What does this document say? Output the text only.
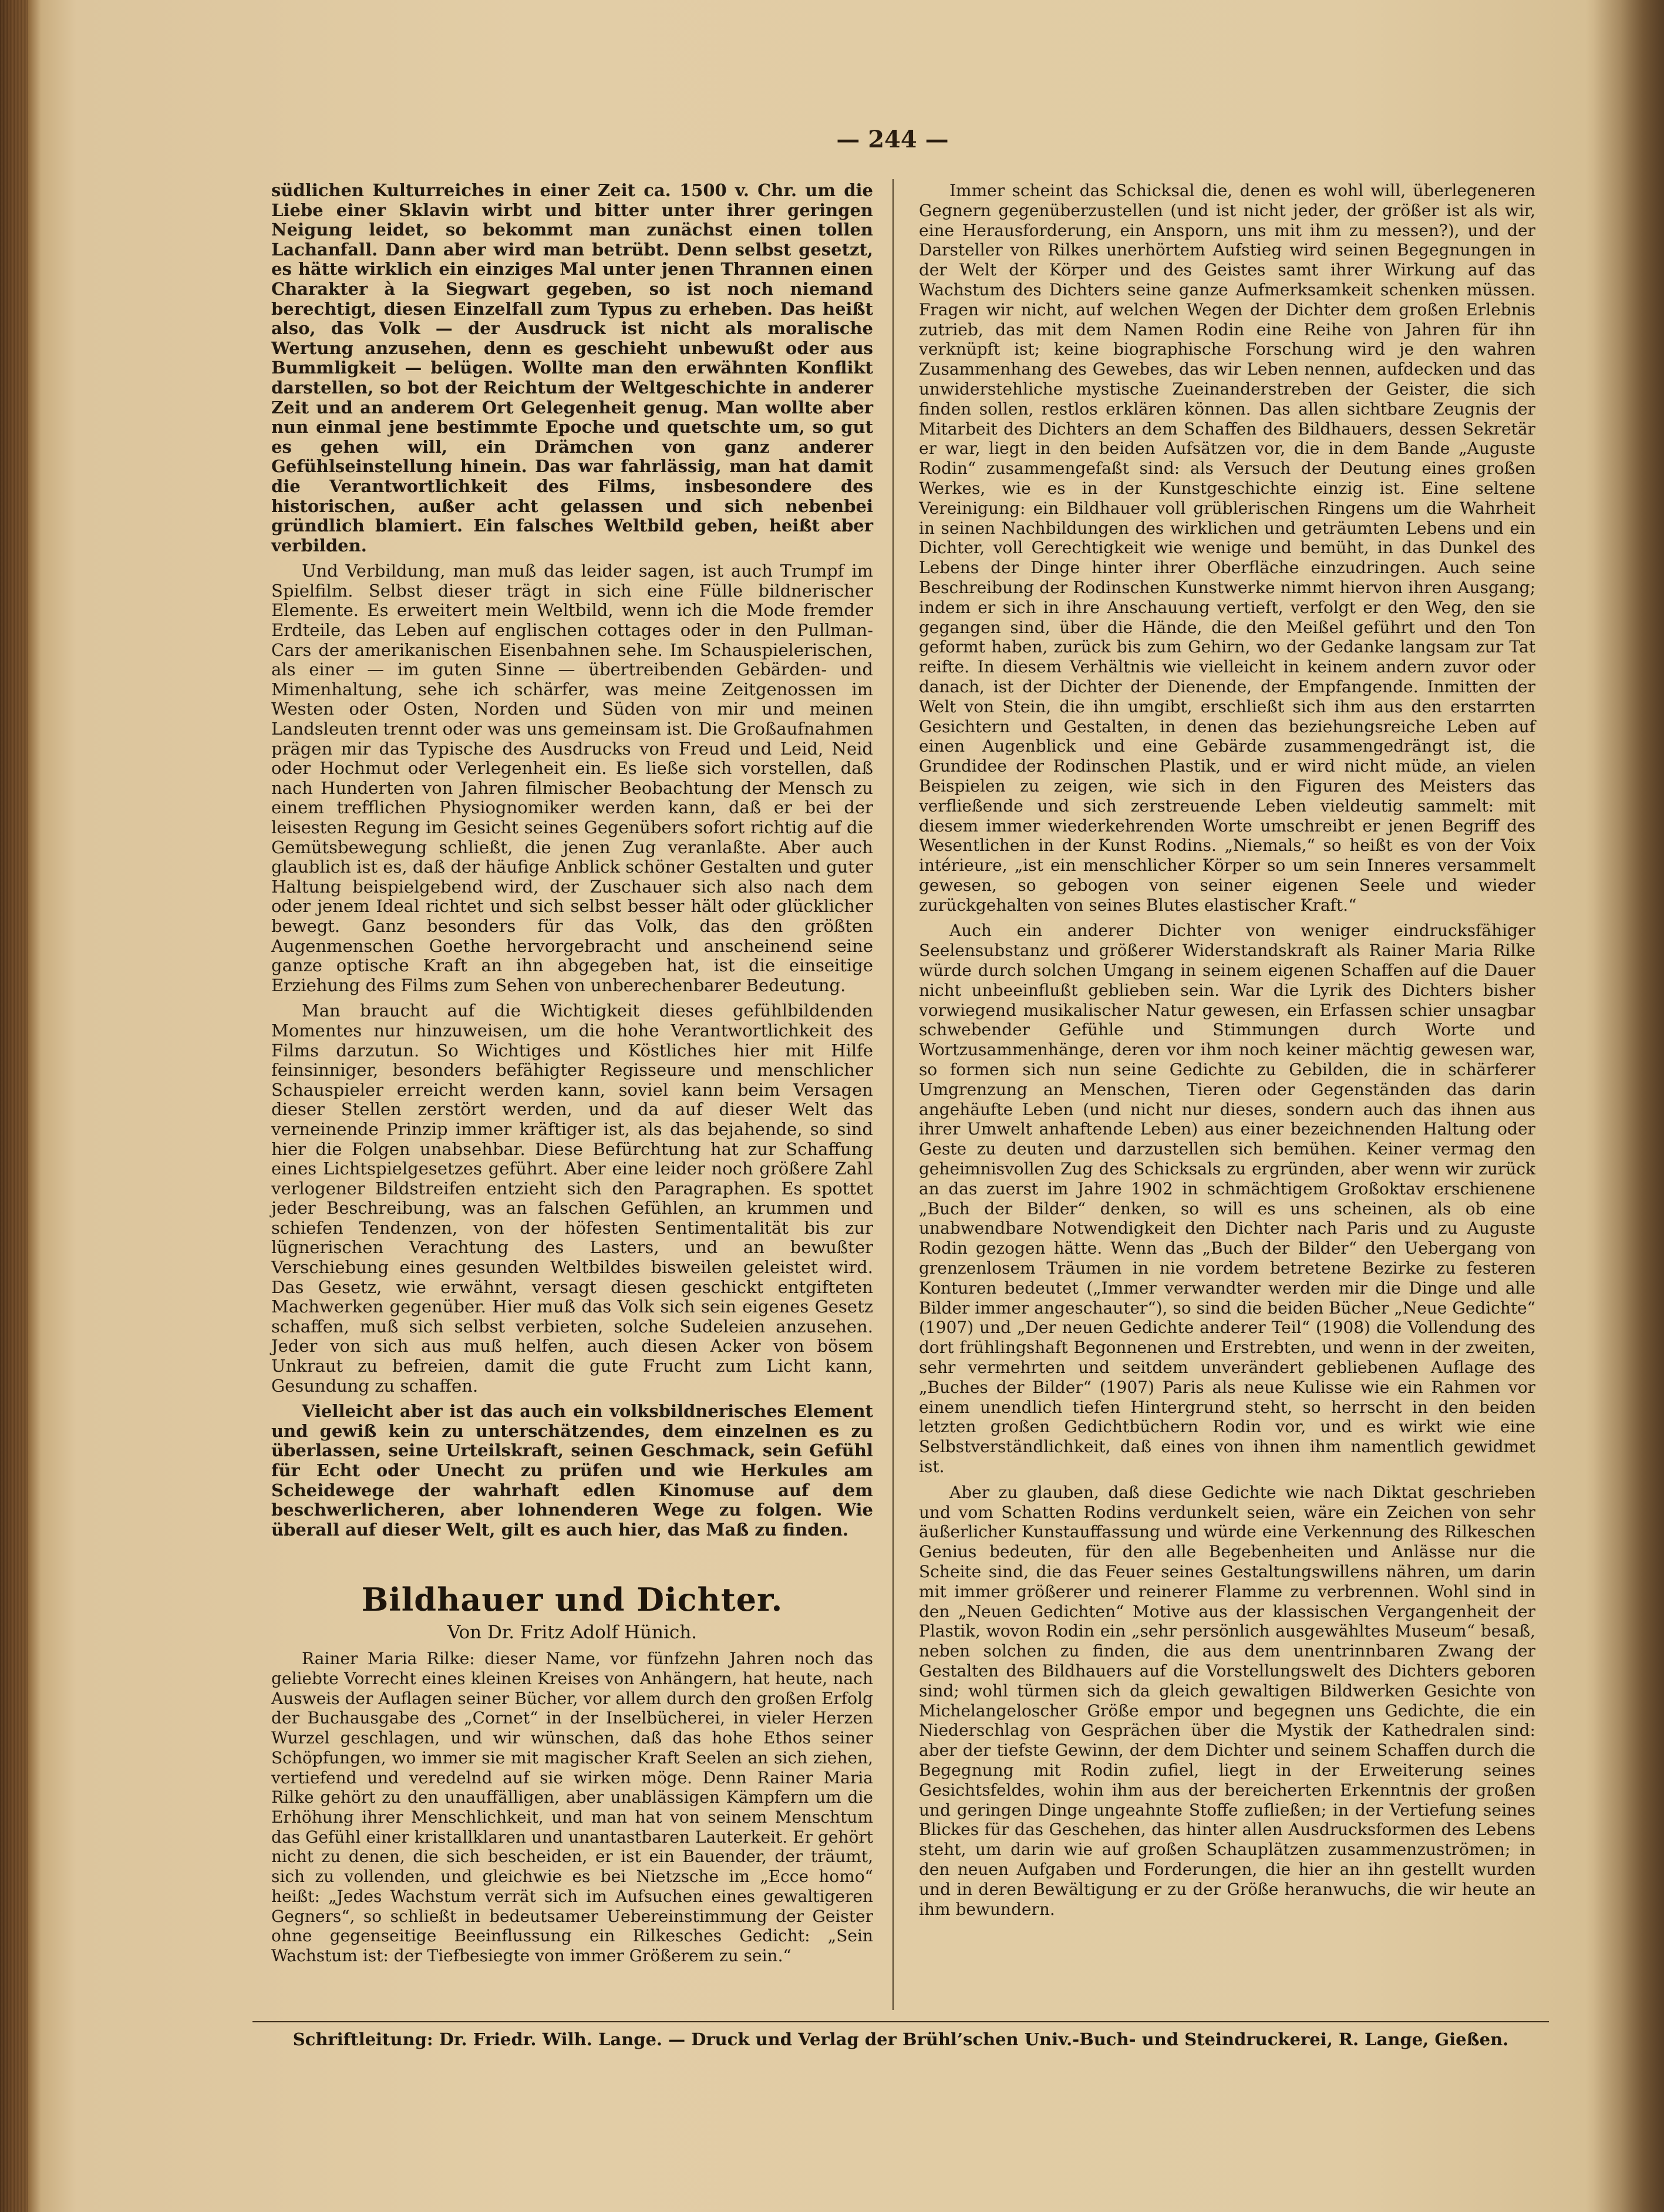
— 244 —

südlichen Kulturreiches in einer Zeit ca. 1500 v. Chr. um die Liebe einer Sklavin wirbt und bitter unter ihrer geringen Neigung leidet, so bekommt man zunächst einen tollen Lachanfall. Dann aber wird man betrübt. Denn selbst gesetzt, es hätte wirklich ein einziges Mal unter jenen Thrannen einen Charakter à la Siegwart gegeben, so ist noch niemand berechtigt, diesen Einzelfall zum Typus zu erheben. Das heißt also, das Volk — der Ausdruck ist nicht als moralische Wertung anzusehen, denn es geschieht unbewußt oder aus Bummligkeit — belügen. Wollte man den erwähnten Konflikt darstellen, so bot der Reichtum der Weltgeschichte in anderer Zeit und an anderem Ort Gelegenheit genug. Man wollte aber nun einmal jene bestimmte Epoche und quetschte um, so gut es gehen will, ein Drämchen von ganz anderer Gefühlseinstellung hinein. Das war fahrlässig, man hat damit die Verantwortlichkeit des Films, insbesondere des historischen, außer acht gelassen und sich nebenbei gründlich blamiert. Ein falsches Weltbild geben, heißt aber verbilden.

Und Verbildung, man muß das leider sagen, ist auch Trumpf im Spielfilm. Selbst dieser trägt in sich eine Fülle bildnerischer Elemente. Es erweitert mein Weltbild, wenn ich die Mode fremder Erdteile, das Leben auf englischen cottages oder in den Pullman-Cars der amerikanischen Eisenbahnen sehe. Im Schauspielerischen, als einer — im guten Sinne — übertreibenden Gebärden- und Mimenhaltung, sehe ich schärfer, was meine Zeitgenossen im Westen oder Osten, Norden und Süden von mir und meinen Landsleuten trennt oder was uns gemeinsam ist. Die Großaufnahmen prägen mir das Typische des Ausdrucks von Freud und Leid, Neid oder Hochmut oder Verlegenheit ein. Es ließe sich vorstellen, daß nach Hunderten von Jahren filmischer Beobachtung der Mensch zu einem trefflichen Physiognomiker werden kann, daß er bei der leisesten Regung im Gesicht seines Gegenübers sofort richtig auf die Gemütsbewegung schließt, die jenen Zug veranlaßte. Aber auch glaublich ist es, daß der häufige Anblick schöner Gestalten und guter Haltung beispielgebend wird, der Zuschauer sich also nach dem oder jenem Ideal richtet und sich selbst besser hält oder glücklicher bewegt. Ganz besonders für das Volk, das den größten Augenmenschen Goethe hervorgebracht und anscheinend seine ganze optische Kraft an ihn abgegeben hat, ist die einseitige Erziehung des Films zum Sehen von unberechenbarer Bedeutung.

Man braucht auf die Wichtigkeit dieses gefühlbildenden Momentes nur hinzuweisen, um die hohe Verantwortlichkeit des Films darzutun. So Wichtiges und Köstliches hier mit Hilfe feinsinniger, besonders befähigter Regisseure und menschlicher Schauspieler erreicht werden kann, soviel kann beim Versagen dieser Stellen zerstört werden, und da auf dieser Welt das verneinende Prinzip immer kräftiger ist, als das bejahende, so sind hier die Folgen unabsehbar. Diese Befürchtung hat zur Schaffung eines Lichtspielgesetzes geführt. Aber eine leider noch größere Zahl verlogener Bildstreifen entzieht sich den Paragraphen. Es spottet jeder Beschreibung, was an falschen Gefühlen, an krummen und schiefen Tendenzen, von der höfesten Sentimentalität bis zur lügnerischen Verachtung des Lasters, und an bewußter Verschiebung eines gesunden Weltbildes bisweilen geleistet wird. Das Gesetz, wie erwähnt, versagt diesen geschickt entgifteten Machwerken gegenüber. Hier muß das Volk sich sein eigenes Gesetz schaffen, muß sich selbst verbieten, solche Sudeleien anzusehen. Jeder von sich aus muß helfen, auch diesen Acker von bösem Unkraut zu befreien, damit die gute Frucht zum Licht kann, Gesundung zu schaffen.

Vielleicht aber ist das auch ein volksbildnerisches Element und gewiß kein zu unterschätzendes, dem einzelnen es zu überlassen, seine Urteilskraft, seinen Geschmack, sein Gefühl für Echt oder Unecht zu prüfen und wie Herkules am Scheidewege der wahrhaft edlen Kinomuse auf dem beschwerlicheren, aber lohnenderen Wege zu folgen. Wie überall auf dieser Welt, gilt es auch hier, das Maß zu finden.

Bildhauer und Dichter.
Von Dr. Fritz Adolf Hünich.

Rainer Maria Rilke: dieser Name, vor fünfzehn Jahren noch das geliebte Vorrecht eines kleinen Kreises von Anhängern, hat heute, nach Ausweis der Auflagen seiner Bücher, vor allem durch den großen Erfolg der Buchausgabe des „Cornet“ in der Inselbücherei, in vieler Herzen Wurzel geschlagen, und wir wünschen, daß das hohe Ethos seiner Schöpfungen, wo immer sie mit magischer Kraft Seelen an sich ziehen, vertiefend und veredelnd auf sie wirken möge. Denn Rainer Maria Rilke gehört zu den unauffälligen, aber unablässigen Kämpfern um die Erhöhung ihrer Menschlichkeit, und man hat von seinem Menschtum das Gefühl einer kristallklaren und unantastbaren Lauterkeit. Er gehört nicht zu denen, die sich bescheiden, er ist ein Bauender, der träumt, sich zu vollenden, und gleichwie es bei Nietzsche im „Ecce homo“ heißt: „Jedes Wachstum verrät sich im Aufsuchen eines gewaltigeren Gegners“, so schließt in bedeutsamer Uebereinstimmung der Geister ohne gegenseitige Beeinflussung ein Rilkesches Gedicht: „Sein Wachstum ist: der Tiefbesiegte von immer Größerem zu sein.“

Immer scheint das Schicksal die, denen es wohl will, überlegeneren Gegnern gegenüberzustellen (und ist nicht jeder, der größer ist als wir, eine Herausforderung, ein Ansporn, uns mit ihm zu messen?), und der Darsteller von Rilkes unerhörtem Aufstieg wird seinen Begegnungen in der Welt der Körper und des Geistes samt ihrer Wirkung auf das Wachstum des Dichters seine ganze Aufmerksamkeit schenken müssen. Fragen wir nicht, auf welchen Wegen der Dichter dem großen Erlebnis zutrieb, das mit dem Namen Rodin eine Reihe von Jahren für ihn verknüpft ist; keine biographische Forschung wird je den wahren Zusammenhang des Gewebes, das wir Leben nennen, aufdecken und das unwiderstehliche mystische Zueinanderstreben der Geister, die sich finden sollen, restlos erklären können. Das allen sichtbare Zeugnis der Mitarbeit des Dichters an dem Schaffen des Bildhauers, dessen Sekretär er war, liegt in den beiden Aufsätzen vor, die in dem Bande „Auguste Rodin“ zusammengefaßt sind: als Versuch der Deutung eines großen Werkes, wie es in der Kunstgeschichte einzig ist. Eine seltene Vereinigung: ein Bildhauer voll grüblerischen Ringens um die Wahrheit in seinen Nachbildungen des wirklichen und geträumten Lebens und ein Dichter, voll Gerechtigkeit wie wenige und bemüht, in das Dunkel des Lebens der Dinge hinter ihrer Oberfläche einzudringen. Auch seine Beschreibung der Rodinschen Kunstwerke nimmt hiervon ihren Ausgang; indem er sich in ihre Anschauung vertieft, verfolgt er den Weg, den sie gegangen sind, über die Hände, die den Meißel geführt und den Ton geformt haben, zurück bis zum Gehirn, wo der Gedanke langsam zur Tat reifte. In diesem Verhältnis wie vielleicht in keinem andern zuvor oder danach, ist der Dichter der Dienende, der Empfangende. Inmitten der Welt von Stein, die ihn umgibt, erschließt sich ihm aus den erstarrten Gesichtern und Gestalten, in denen das beziehungsreiche Leben auf einen Augenblick und eine Gebärde zusammengedrängt ist, die Grundidee der Rodinschen Plastik, und er wird nicht müde, an vielen Beispielen zu zeigen, wie sich in den Figuren des Meisters das verfließende und sich zerstreuende Leben vieldeutig sammelt: mit diesem immer wiederkehrenden Worte umschreibt er jenen Begriff des Wesentlichen in der Kunst Rodins. „Niemals,“ so heißt es von der Voix intérieure, „ist ein menschlicher Körper so um sein Inneres versammelt gewesen, so gebogen von seiner eigenen Seele und wieder zurückgehalten von seines Blutes elastischer Kraft.“

Auch ein anderer Dichter von weniger eindrucksfähiger Seelensubstanz und größerer Widerstandskraft als Rainer Maria Rilke würde durch solchen Umgang in seinem eigenen Schaffen auf die Dauer nicht unbeeinflußt geblieben sein. War die Lyrik des Dichters bisher vorwiegend musikalischer Natur gewesen, ein Erfassen schier unsagbar schwebender Gefühle und Stimmungen durch Worte und Wortzusammenhänge, deren vor ihm noch keiner mächtig gewesen war, so formen sich nun seine Gedichte zu Gebilden, die in schärferer Umgrenzung an Menschen, Tieren oder Gegenständen das darin angehäufte Leben (und nicht nur dieses, sondern auch das ihnen aus ihrer Umwelt anhaftende Leben) aus einer bezeichnenden Haltung oder Geste zu deuten und darzustellen sich bemühen. Keiner vermag den geheimnisvollen Zug des Schicksals zu ergründen, aber wenn wir zurück an das zuerst im Jahre 1902 in schmächtigem Großoktav erschienene „Buch der Bilder“ denken, so will es uns scheinen, als ob eine unabwendbare Notwendigkeit den Dichter nach Paris und zu Auguste Rodin gezogen hätte. Wenn das „Buch der Bilder“ den Uebergang von grenzenlosem Träumen in nie vordem betretene Bezirke zu festeren Konturen bedeutet („Immer verwandter werden mir die Dinge und alle Bilder immer angeschauter“), so sind die beiden Bücher „Neue Gedichte“ (1907) und „Der neuen Gedichte anderer Teil“ (1908) die Vollendung des dort frühlingshaft Begonnenen und Erstrebten, und wenn in der zweiten, sehr vermehrten und seitdem unverändert gebliebenen Auflage des „Buches der Bilder“ (1907) Paris als neue Kulisse wie ein Rahmen vor einem unendlich tiefen Hintergrund steht, so herrscht in den beiden letzten großen Gedichtbüchern Rodin vor, und es wirkt wie eine Selbstverständlichkeit, daß eines von ihnen ihm namentlich gewidmet ist.

Aber zu glauben, daß diese Gedichte wie nach Diktat geschrieben und vom Schatten Rodins verdunkelt seien, wäre ein Zeichen von sehr äußerlicher Kunstauffassung und würde eine Verkennung des Rilkeschen Genius bedeuten, für den alle Begebenheiten und Anlässe nur die Scheite sind, die das Feuer seines Gestaltungswillens nähren, um darin mit immer größerer und reinerer Flamme zu verbrennen. Wohl sind in den „Neuen Gedichten“ Motive aus der klassischen Vergangenheit der Plastik, wovon Rodin ein „sehr persönlich ausgewähltes Museum“ besaß, neben solchen zu finden, die aus dem unentrinnbaren Zwang der Gestalten des Bildhauers auf die Vorstellungswelt des Dichters geboren sind; wohl türmen sich da gleich gewaltigen Bildwerken Gesichte von Michelangeloscher Größe empor und begegnen uns Gedichte, die ein Niederschlag von Gesprächen über die Mystik der Kathedralen sind: aber der tiefste Gewinn, der dem Dichter und seinem Schaffen durch die Begegnung mit Rodin zufiel, liegt in der Erweiterung seines Gesichtsfeldes, wohin ihm aus der bereicherten Erkenntnis der großen und geringen Dinge ungeahnte Stoffe zufließen; in der Vertiefung seines Blickes für das Geschehen, das hinter allen Ausdrucksformen des Lebens steht, um darin wie auf großen Schauplätzen zusammenzuströmen; in den neuen Aufgaben und Forderungen, die hier an ihn gestellt wurden und in deren Bewältigung er zu der Größe heranwuchs, die wir heute an ihm bewundern.

Schriftleitung: Dr. Friedr. Wilh. Lange. — Druck und Verlag der Brühl’schen Univ.-Buch- und Steindruckerei, R. Lange, Gießen.
